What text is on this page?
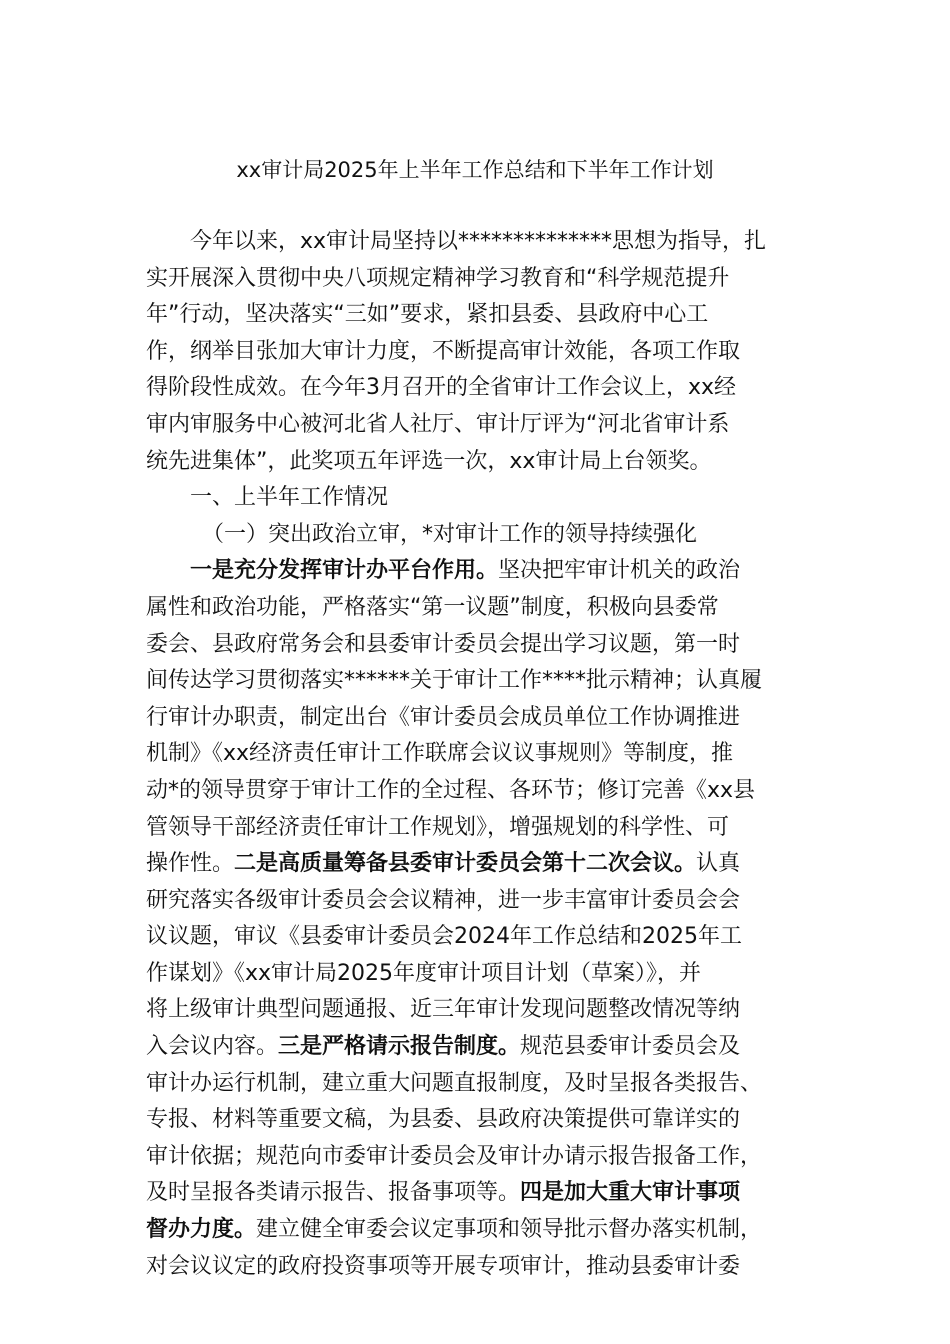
xx审计局2025年上半年工作总结和下半年工作计划
今年以来，xx审计局坚持以**************思想为指导，扎
实开展深入贯彻中央八项规定精神学习教育和“科学规范提升
年”行动，坚决落实“三如”要求，紧扣县委、县政府中心工
作，纲举目张加大审计力度，不断提高审计效能，各项工作取
得阶段性成效。在今年3月召开的全省审计工作会议上，xx经
审内审服务中心被河北省人社厅、审计厅评为“河北省审计系
统先进集体”，此奖项五年评选一次，xx审计局上台领奖。
一、上半年工作情况
（一）突出政治立审，*对审计工作的领导持续强化
一是充分发挥审计办平台作用。坚决把牢审计机关的政治
属性和政治功能，严格落实“第一议题”制度，积极向县委常
委会、县政府常务会和县委审计委员会提出学习议题，第一时
间传达学习贯彻落实******关于审计工作****批示精神；认真履
行审计办职责，制定出台《审计委员会成员单位工作协调推进
机制》《xx经济责任审计工作联席会议议事规则》等制度，推
动*的领导贯穿于审计工作的全过程、各环节；修订完善《xx县
管领导干部经济责任审计工作规划》，增强规划的科学性、可
操作性。二是高质量筹备县委审计委员会第十二次会议。认真
研究落实各级审计委员会会议精神，进一步丰富审计委员会会
议议题，审议《县委审计委员会2024年工作总结和2025年工
作谋划》《xx审计局2025年度审计项目计划（草案）》，并
将上级审计典型问题通报、近三年审计发现问题整改情况等纳
入会议内容。三是严格请示报告制度。规范县委审计委员会及
审计办运行机制，建立重大问题直报制度，及时呈报各类报告、
专报、材料等重要文稿，为县委、县政府决策提供可靠详实的
审计依据；规范向市委审计委员会及审计办请示报告报备工作，
及时呈报各类请示报告、报备事项等。四是加大重大审计事项
督办力度。建立健全审委会议定事项和领导批示督办落实机制，
对会议议定的政府投资事项等开展专项审计，推动县委审计委
